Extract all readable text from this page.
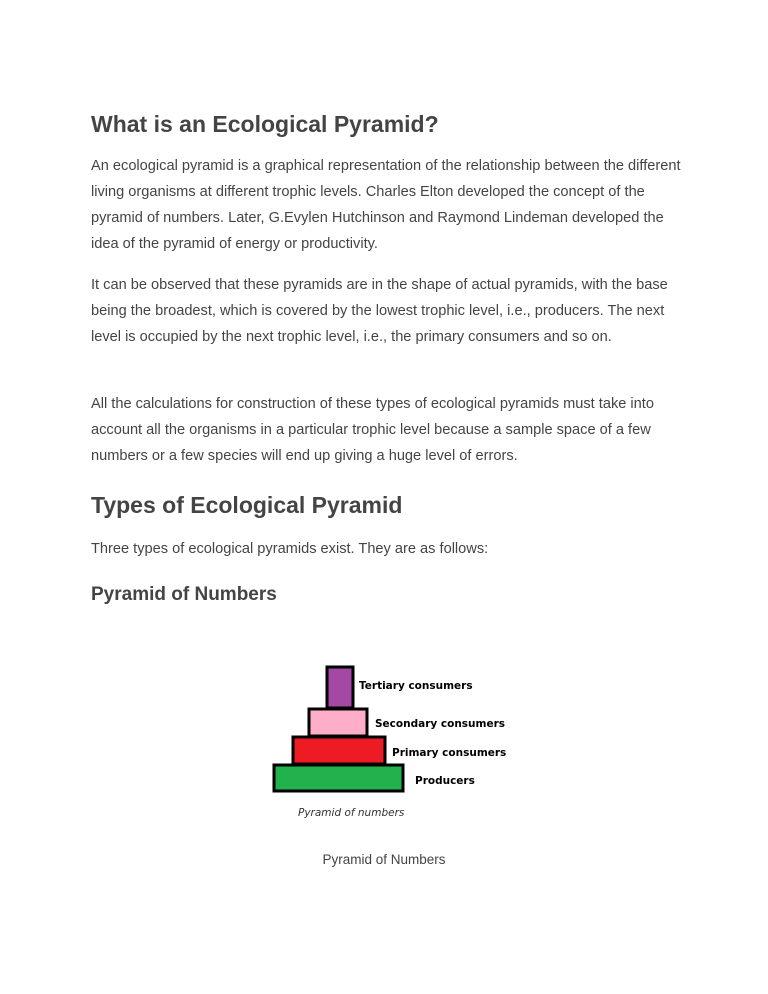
What is an Ecological Pyramid?

An ecological pyramid is a graphical representation of the relationship between the different living organisms at different trophic levels. Charles Elton developed the concept of the pyramid of numbers. Later, G.Evylen Hutchinson and Raymond Lindeman developed the idea of the pyramid of energy or productivity.

It can be observed that these pyramids are in the shape of actual pyramids, with the base being the broadest, which is covered by the lowest trophic level, i.e., producers. The next level is occupied by the next trophic level, i.e., the primary consumers and so on.

All the calculations for construction of these types of ecological pyramids must take into account all the organisms in a particular trophic level because a sample space of a few numbers or a few species will end up giving a huge level of errors.

Types of Ecological Pyramid

Three types of ecological pyramids exist. They are as follows:

Pyramid of Numbers
Tertiary consumers
Secondary consumers
Primary consumers
Producers
Pyramid of numbers
Pyramid of Numbers
